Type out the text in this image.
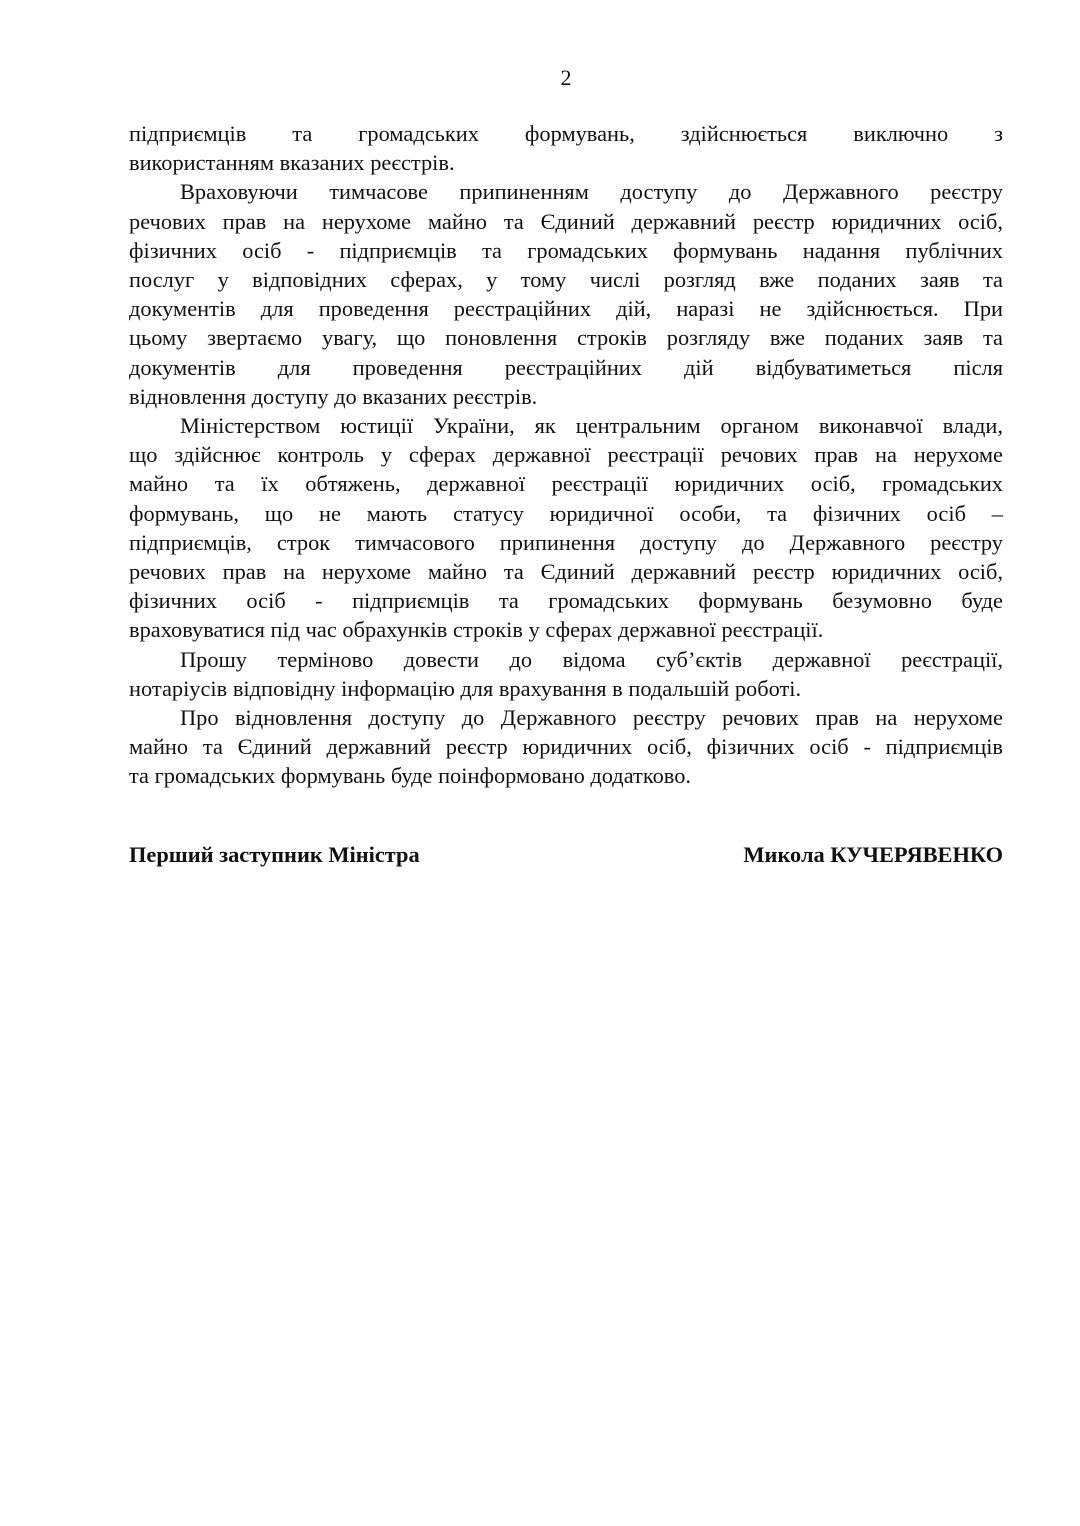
2
підприємців та громадських формувань, здійснюється виключно з
використанням вказаних реєстрів.
Враховуючи тимчасове припиненням доступу до Державного реєстру
речових прав на нерухоме майно та Єдиний державний реєстр юридичних осіб,
фізичних осіб - підприємців та громадських формувань надання публічних
послуг у відповідних сферах, у тому числі розгляд вже поданих заяв та
документів для проведення реєстраційних дій, наразі не здійснюється. При
цьому звертаємо увагу, що поновлення строків розгляду вже поданих заяв та
документів для проведення реєстраційних дій відбуватиметься після
відновлення доступу до вказаних реєстрів.
Міністерством юстиції України, як центральним органом виконавчої влади,
що здійснює контроль у сферах державної реєстрації речових прав на нерухоме
майно та їх обтяжень, державної реєстрації юридичних осіб, громадських
формувань, що не мають статусу юридичної особи, та фізичних осіб –
підприємців, строк тимчасового припинення доступу до Державного реєстру
речових прав на нерухоме майно та Єдиний державний реєстр юридичних осіб,
фізичних осіб - підприємців та громадських формувань безумовно буде
враховуватися під час обрахунків строків у сферах державної реєстрації.
Прошу терміново довести до відома суб’єктів державної реєстрації,
нотаріусів відповідну інформацію для врахування в подальшій роботі.
Про відновлення доступу до Державного реєстру речових прав на нерухоме
майно та Єдиний державний реєстр юридичних осіб, фізичних осіб - підприємців
та громадських формувань буде поінформовано додатково.
Перший заступник Міністра	Микола КУЧЕРЯВЕНКО
